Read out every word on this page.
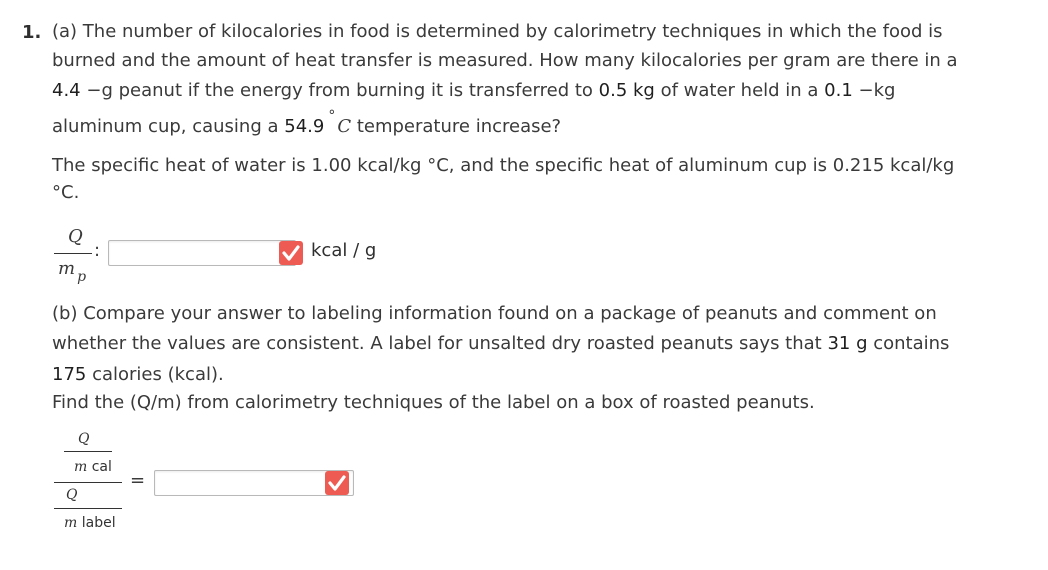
1. (a) The number of kilocalories in food is determined by calorimetry techniques in which the food is
burned and the amount of heat transfer is measured. How many kilocalories per gram are there in a
4.4 −g peanut if the energy from burning it is transferred to 0.5 kg of water held in a 0.1 −kg
aluminum cup, causing a 54.9 ° C temperature increase?
The specific heat of water is 1.00 kcal/kg °C, and the specific heat of aluminum cup is 0.215 kcal/kg
°C.
Q
:
m $_p$
kcal / g
(b) Compare your answer to labeling information found on a package of peanuts and comment on
whether the values are consistent. A label for unsalted dry roasted peanuts says that 31 g contains
175 calories (kcal).
Find the (Q/m) from calorimetry techniques of the label on a box of roasted peanuts.
Q
m cal
=
Q
m label
